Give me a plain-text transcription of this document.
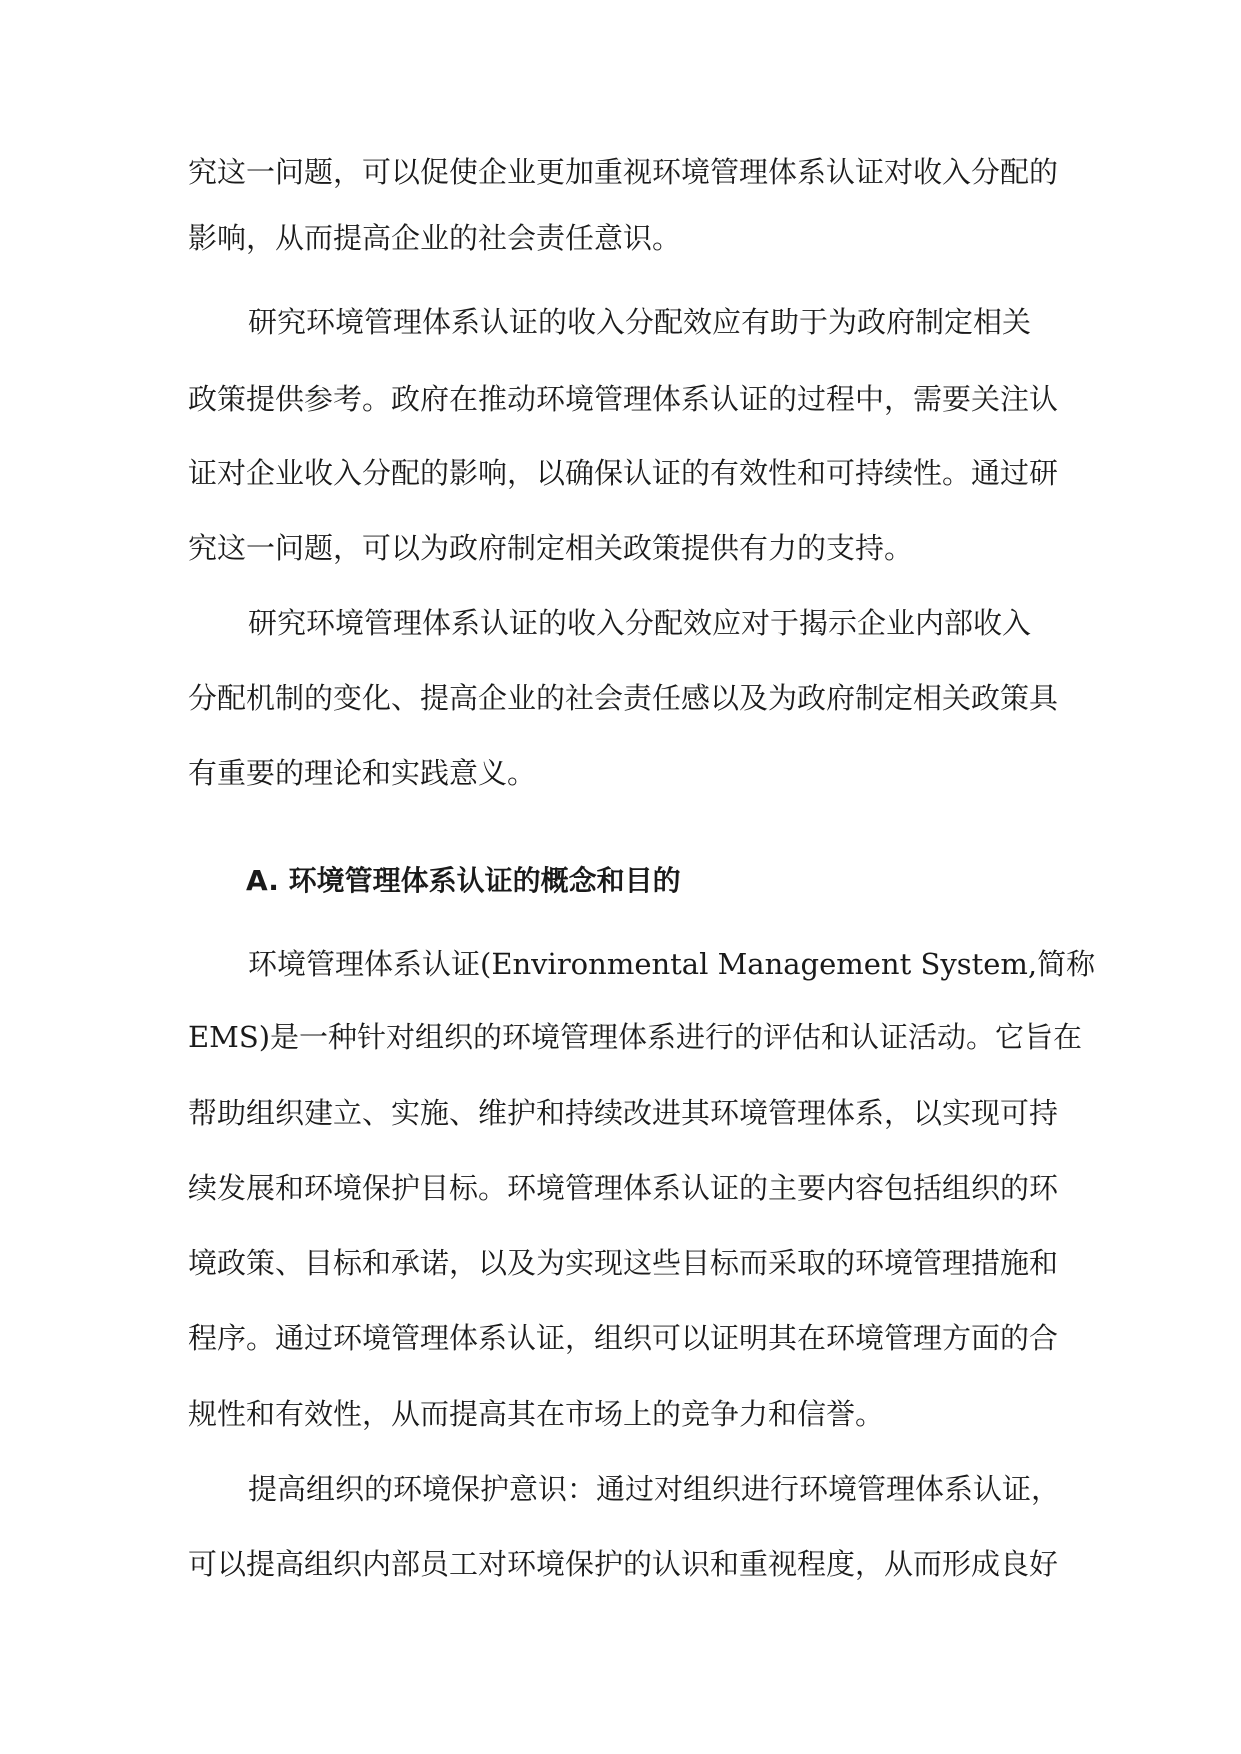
究这一问题，可以促使企业更加重视环境管理体系认证对收入分配的
影响，从而提高企业的社会责任意识。
研究环境管理体系认证的收入分配效应有助于为政府制定相关
政策提供参考。政府在推动环境管理体系认证的过程中，需要关注认
证对企业收入分配的影响，以确保认证的有效性和可持续性。通过研
究这一问题，可以为政府制定相关政策提供有力的支持。
研究环境管理体系认证的收入分配效应对于揭示企业内部收入
分配机制的变化、提高企业的社会责任感以及为政府制定相关政策具
有重要的理论和实践意义。
A. 环境管理体系认证的概念和目的
环境管理体系认证(Environmental Management System,简称
EMS)是一种针对组织的环境管理体系进行的评估和认证活动。它旨在
帮助组织建立、实施、维护和持续改进其环境管理体系，以实现可持
续发展和环境保护目标。环境管理体系认证的主要内容包括组织的环
境政策、目标和承诺，以及为实现这些目标而采取的环境管理措施和
程序。通过环境管理体系认证，组织可以证明其在环境管理方面的合
规性和有效性，从而提高其在市场上的竞争力和信誉。
提高组织的环境保护意识：通过对组织进行环境管理体系认证，
可以提高组织内部员工对环境保护的认识和重视程度，从而形成良好
